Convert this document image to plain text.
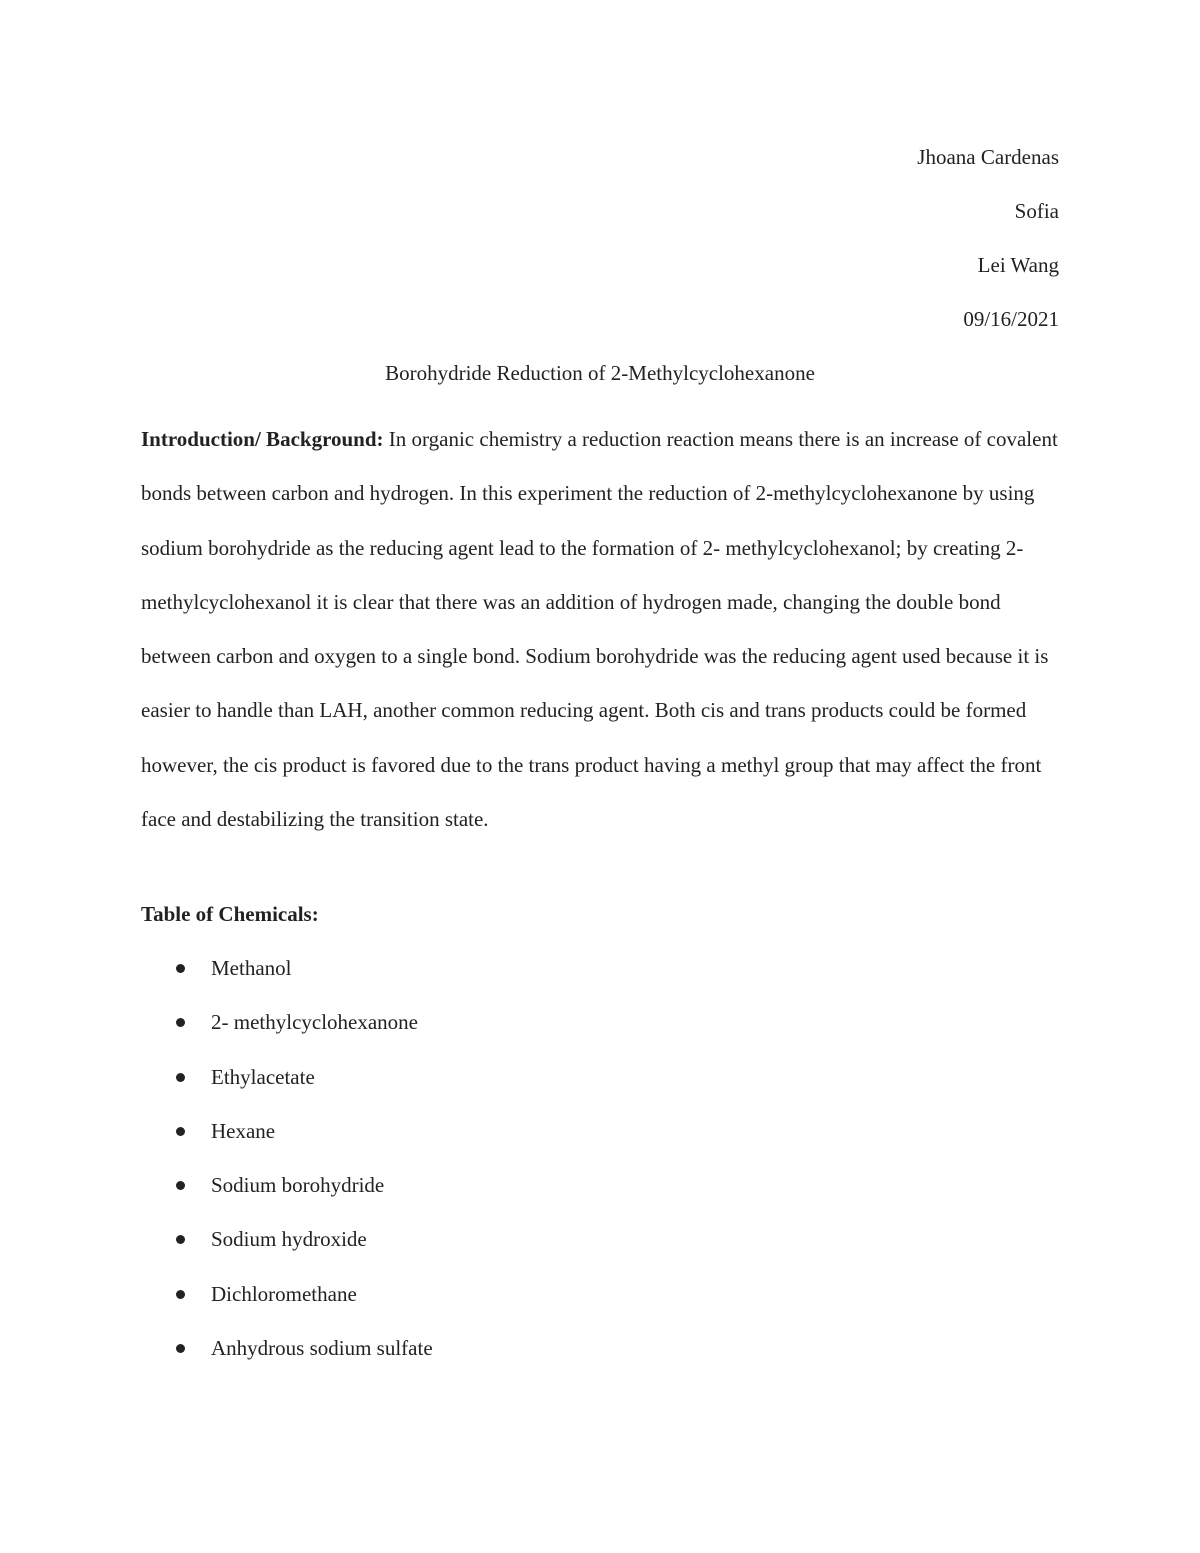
Jhoana Cardenas
Sofia
Lei Wang
09/16/2021
Borohydride Reduction of 2-Methylcyclohexanone

Introduction/ Background: In organic chemistry a reduction reaction means there is an increase of covalent bonds between carbon and hydrogen. In this experiment the reduction of 2-methylcyclohexanone by using sodium borohydride as the reducing agent lead to the formation of 2- methylcyclohexanol; by creating 2- methylcyclohexanol it is clear that there was an addition of hydrogen made, changing the double bond between carbon and oxygen to a single bond. Sodium borohydride was the reducing agent used because it is easier to handle than LAH, another common reducing agent. Both cis and trans products could be formed however, the cis product is favored due to the trans product having a methyl group that may affect the front face and destabilizing the transition state.

Table of Chemicals:
Methanol
2- methylcyclohexanone
Ethylacetate
Hexane
Sodium borohydride
Sodium hydroxide
Dichloromethane
Anhydrous sodium sulfate
